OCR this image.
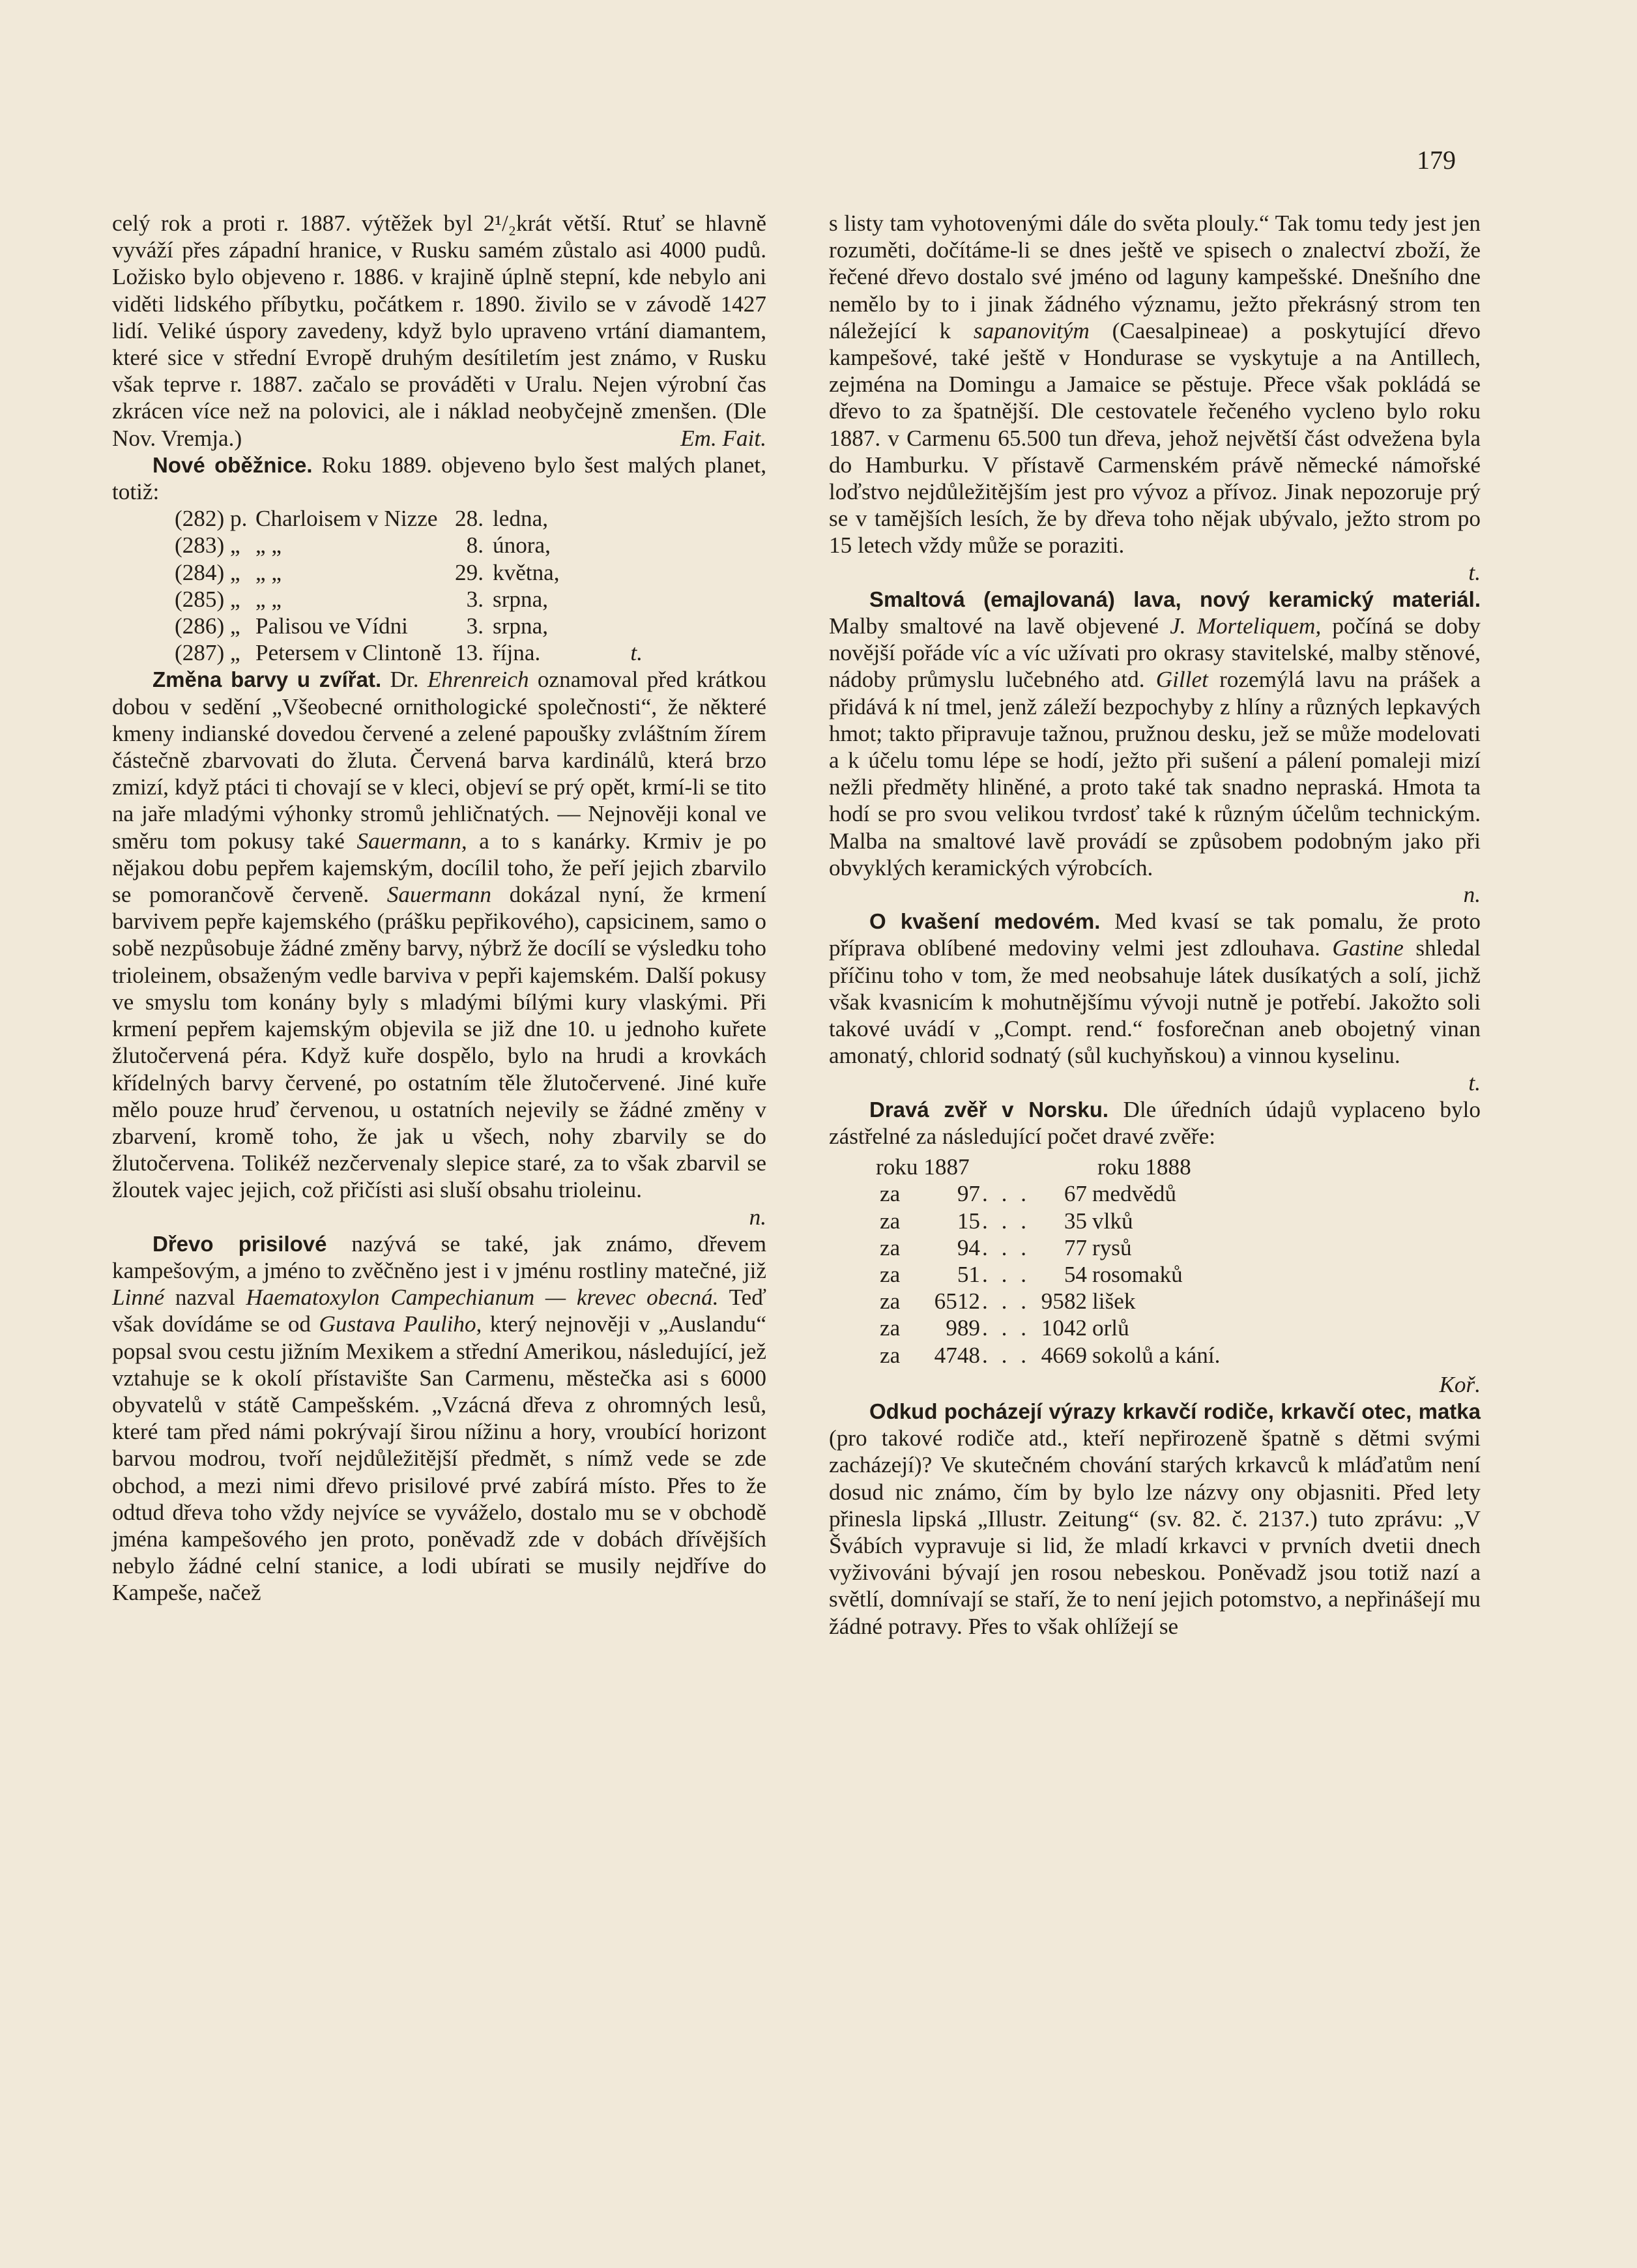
179

celý rok a proti r. 1887. výtěžek byl 2¹/₂krát větší. Rtuť se hlavně vyváží přes západní hranice, v Rusku samém zůstalo asi 4000 pudů. Ložisko bylo objeveno r. 1886. v krajině úplně stepní, kde nebylo ani viděti lidského příbytku, počátkem r. 1890. živilo se v závodě 1427 lidí. Veliké úspory zavedeny, když bylo upraveno vrtání diamantem, které sice v střední Evropě druhým desítiletím jest známo, v Rusku však teprve r. 1887. začalo se prováděti v Uralu. Nejen výrobní čas zkrácen více než na polovici, ale i náklad neobyčejně zmenšen. (Dle Nov. Vremja.)	Em. Fait.

Nové oběžnice. Roku 1889. objeveno bylo šest malých planet, totiž:

(282) p. Charloisem v Nizze 28. ledna,
(283) „ „ „	8. února,
(284) „ „ „	29. května,
(285) „ „ „	3. srpna,
(286) „ Palisou ve Vídni	3. srpna,
(287) „ Petersem v Clintoně 13. října.	t.

Změna barvy u zvířat. Dr. Ehrenreich oznamoval před krátkou dobou v sedění „Všeobecné ornithologické společnosti“, že některé kmeny indianské dovedou červené a zelené papoušky zvláštním žírem částečně zbarvovati do žluta. Červená barva kardinálů, která brzo zmizí, když ptáci ti chovají se v kleci, objeví se prý opět, krmí-li se tito na jaře mladými výhonky stromů jehličnatých. — Nejnověji konal ve směru tom pokusy také Sauermann, a to s kanárky. Krmiv je po nějakou dobu pepřem kajemským, docílil toho, že peří jejich zbarvilo se pomorančově červeně. Sauermann dokázal nyní, že krmení barvivem pepře kajemského (prášku pepřikového), capsicinem, samo o sobě nezpůsobuje žádné změny barvy, nýbrž že docílí se výsledku toho trioleinem, obsaženým vedle barviva v pepři kajemském. Další pokusy ve smyslu tom konány byly s mladými bílými kury vlaskými. Při krmení pepřem kajemským objevila se již dne 10. u jednoho kuřete žlutočervená péra. Když kuře dospělo, bylo na hrudi a krovkách křídelných barvy červené, po ostatním těle žlutočervené. Jiné kuře mělo pouze hruď červenou, u ostatních nejevily se žádné změny v zbarvení, kromě toho, že jak u všech, nohy zbarvily se do žlutočervena. Tolikéž nezčervenaly slepice staré, za to však zbarvil se žloutek vajec jejich, což přičísti asi sluší obsahu trioleinu.
n.

Dřevo prisilové nazývá se také, jak známo, dřevem kampešovým, a jméno to zvěčněno jest i v jménu rostliny matečné, již Linné nazval Haematoxylon Campechianum — krevec obecná. Teď však dovídáme se od Gustava Pauliho, který nejnověji v „Auslandu“ popsal svou cestu jižním Mexikem a střední Amerikou, následující, jež vztahuje se k okolí přístavište San Carmenu, městečka asi s 6000 obyvatelů v státě Campešském. „Vzácná dřeva z ohromných lesů, které tam před námi pokrývají širou nížinu a hory, vroubící horizont barvou modrou, tvoří nejdůležitější předmět, s nímž vede se zde obchod, a mezi nimi dřevo prisilové prvé zabírá místo. Přes to že odtud dřeva toho vždy nejvíce se vyváželo, dostalo mu se v obchodě jména kampešového jen proto, poněvadž zde v dobách dřívějších nebylo žádné celní stanice, a lodi ubírati se musily nejdříve do Kampeše, načež

s listy tam vyhotovenými dále do světa plouly.“ Tak tomu tedy jest jen rozuměti, dočítáme-li se dnes ještě ve spisech o znalectví zboží, že řečené dřevo dostalo své jméno od laguny kampešské. Dnešního dne nemělo by to i jinak žádného významu, ježto překrásný strom ten náležející k sapanovitým (Caesalpineae) a poskytující dřevo kampešové, také ještě v Hondurase se vyskytuje a na Antillech, zejména na Domingu a Jamaice se pěstuje. Přece však pokládá se dřevo to za špatnější. Dle cestovatele řečeného vycleno bylo roku 1887. v Carmenu 65.500 tun dřeva, jehož největší část odvežena byla do Hamburku. V přístavě Carmenském právě německé námořské loďstvo nejdůležitějším jest pro vývoz a přívoz. Jinak nepozoruje prý se v tamějších lesích, že by dřeva toho nějak ubývalo, ježto strom po 15 letech vždy může se poraziti.
t.

Smaltová (emajlovaná) lava, nový keramický materiál. Malby smaltové na lavě objevené J. Morteliquem, počíná se doby novější pořáde víc a víc užívati pro okrasy stavitelské, malby stěnové, nádoby průmyslu lučebného atd. Gillet rozemýlá lavu na prášek a přidává k ní tmel, jenž záleží bezpochyby z hlíny a různých lepkavých hmot; takto připravuje tažnou, pružnou desku, jež se může modelovati a k účelu tomu lépe se hodí, ježto při sušení a pálení pomaleji mizí nežli předměty hliněné, a proto také tak snadno nepraská. Hmota ta hodí se pro svou velikou tvrdosť také k různým účelům technickým. Malba na smaltové lavě provádí se způsobem podobným jako při obvyklých keramických výrobcích.
n.

O kvašení medovém. Med kvasí se tak pomalu, že proto příprava oblíbené medoviny velmi jest zdlouhava. Gastine shledal příčinu toho v tom, že med neobsahuje látek dusíkatých a solí, jichž však kvasnicím k mohutnějšímu vývoji nutně je potřebí. Jakožto soli takové uvádí v „Compt. rend.“ fosforečnan aneb obojetný vinan amonatý, chlorid sodnatý (sůl kuchyňskou) a vinnou kyselinu.
t.

Dravá zvěř v Norsku. Dle úředních údajů vyplaceno bylo zástřelné za následující počet dravé zvěře:

roku 1887	roku 1888
za	97 . . .	67 medvědů
za	15 . . .	35 vlků
za	94 . . .	77 rysů
za	51 . . .	54 rosomaků
za	6512 . . . 9582 lišek
za	989 . . . 1042 orlů
za	4748 . . . 4669 sokolů a kání.

Koř.

Odkud pocházejí výrazy krkavčí rodiče, krkavčí otec, matka (pro takové rodiče atd., kteří nepřirozeně špatně s dětmi svými zacházejí)? Ve skutečném chování starých krkavců k mláďatům není dosud nic známo, čím by bylo lze názvy ony objasniti. Před lety přinesla lipská „Illustr. Zeitung“ (sv. 82. č. 2137.) tuto zprávu: „V Švábích vypravuje si lid, že mladí krkavci v prvních dvetii dnech vyživováni bývají jen rosou nebeskou. Poněvadž jsou totiž nazí a světlí, domnívají se staří, že to není jejich potomstvo, a nepřinášejí mu žádné potravy. Přes to však ohlížejí se
